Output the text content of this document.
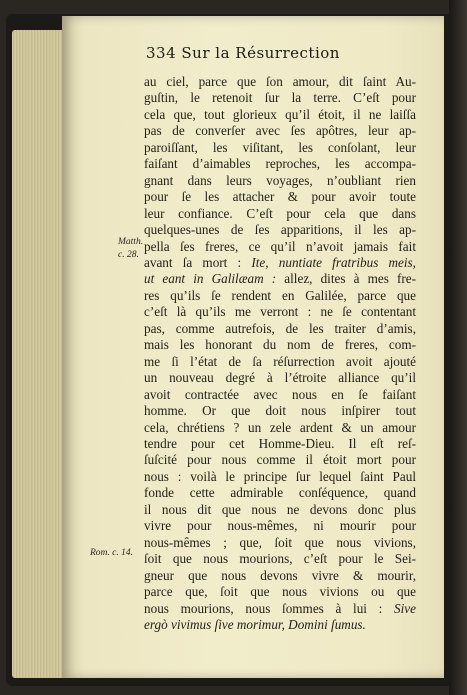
334 Sur la Résurrection
Matth.
c. 28.
Rom. c. 14.
au ciel, parce que ſon amour, dit ſaint Au-
guſtin, le retenoit ſur la terre. C’eſt pour
cela que, tout glorieux qu’il étoit, il ne laiſſa
pas de converſer avec ſes apôtres, leur ap-
paroiſſant, les viſitant, les conſolant, leur
faiſant d’aimables reproches, les accompa-
gnant dans leurs voyages, n’oubliant rien
pour ſe les attacher & pour avoir toute
leur confiance. C’eſt pour cela que dans
quelques-unes de ſes apparitions, il les ap-
pella ſes freres, ce qu’il n’avoit jamais fait
avant ſa mort : Ite, nuntiate fratribus meis,
ut eant in Galilæam : allez, dites à mes fre-
res qu’ils ſe rendent en Galilée, parce que
c’eſt là qu’ils me verront : ne ſe contentant
pas, comme autrefois, de les traiter d’amis,
mais les honorant du nom de freres, com-
me ſi l’état de ſa réſurrection avoit ajouté
un nouveau degré à l’étroite alliance qu’il
avoit contractée avec nous en ſe faiſant
homme. Or que doit nous inſpirer tout
cela, chrétiens ? un zele ardent & un amour
tendre pour cet Homme-Dieu. Il eſt reſ-
ſuſcité pour nous comme il étoit mort pour
nous : voilà le principe ſur lequel ſaint Paul
fonde cette admirable conſéquence, quand
il nous dit que nous ne devons donc plus
vivre pour nous-mêmes, ni mourir pour
nous-mêmes ; que, ſoit que nous vivions,
ſoit que nous mourions, c’eſt pour le Sei-
gneur que nous devons vivre & mourir,
parce que, ſoit que nous vivions ou que
nous mourions, nous ſommes à lui : Sive
ergò vivimus ſive morimur, Domini ſumus.
